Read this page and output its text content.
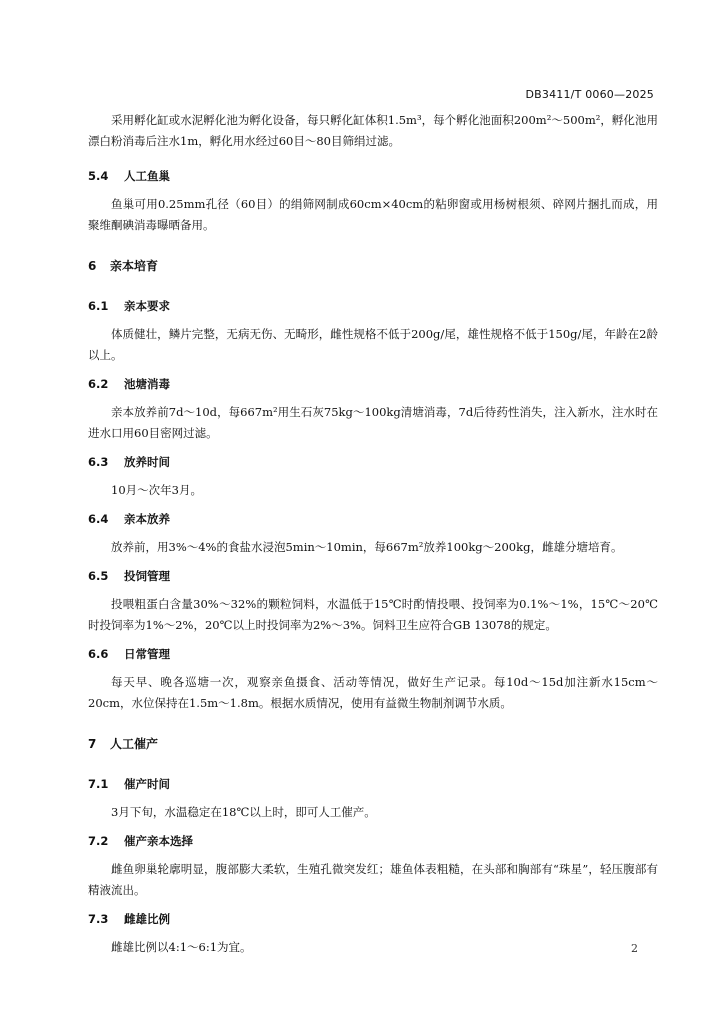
DB3411/T 0060—2025

采用孵化缸或水泥孵化池为孵化设备，每只孵化缸体积1.5m³，每个孵化池面积200m²～500m²，孵化池用漂白粉消毒后注水1m，孵化用水经过60目～80目筛绢过滤。

5.4 人工鱼巢

鱼巢可用0.25mm孔径（60目）的绢筛网制成60cm×40cm的粘卵窗或用杨树根须、碎网片捆扎而成，用聚维酮碘消毒曝晒备用。

6 亲本培育
6.1 亲本要求

体质健壮，鳞片完整，无病无伤、无畸形，雌性规格不低于200g/尾，雄性规格不低于150g/尾，年龄在2龄以上。

6.2 池塘消毒

亲本放养前7d～10d，每667m²用生石灰75kg～100kg清塘消毒，7d后待药性消失，注入新水，注水时在进水口用60目密网过滤。

6.3 放养时间

10月～次年3月。

6.4 亲本放养

放养前，用3%～4%的食盐水浸泡5min～10min，每667m²放养100kg～200kg，雌雄分塘培育。

6.5 投饲管理

投喂粗蛋白含量30%～32%的颗粒饲料，水温低于15℃时酌情投喂、投饲率为0.1%～1%，15℃～20℃时投饲率为1%～2%，20℃以上时投饲率为2%～3%。饲料卫生应符合GB 13078的规定。

6.6 日常管理

每天早、晚各巡塘一次，观察亲鱼摄食、活动等情况，做好生产记录。每10d～15d加注新水15cm～20cm，水位保持在1.5m～1.8m。根据水质情况，使用有益微生物制剂调节水质。

7 人工催产
7.1 催产时间

3月下旬，水温稳定在18℃以上时，即可人工催产。

7.2 催产亲本选择

雌鱼卵巢轮廓明显，腹部膨大柔软，生殖孔微突发红；雄鱼体表粗糙，在头部和胸部有“珠星”，轻压腹部有精液流出。

7.3 雌雄比例

雌雄比例以4:1～6:1为宜。	2
